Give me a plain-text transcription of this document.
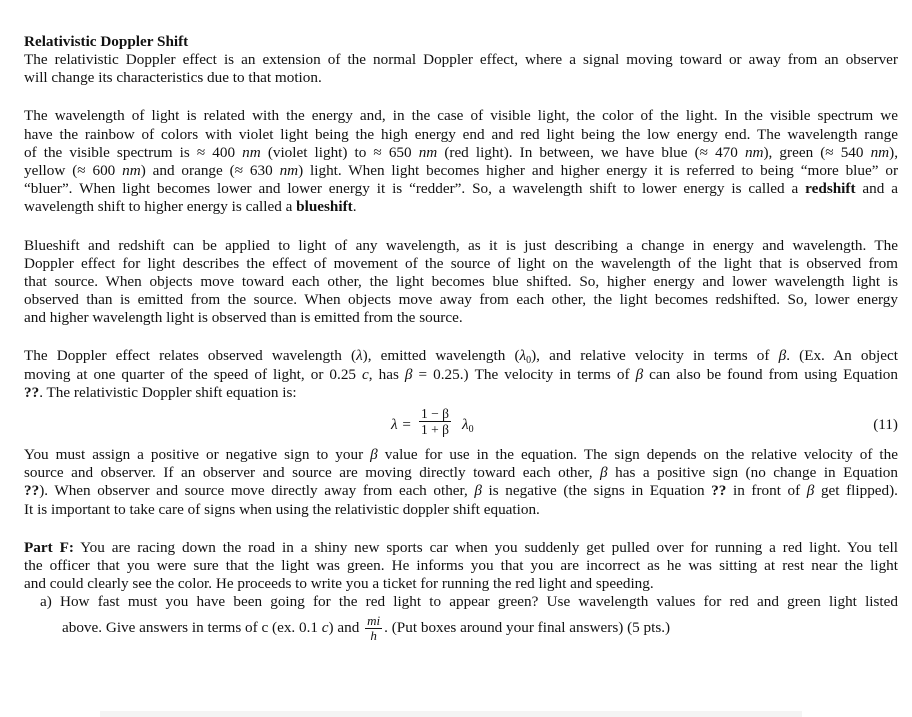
Relativistic Doppler Shift
The relativistic Doppler effect is an extension of the normal Doppler effect, where a signal moving toward or away from an observer
will change its characteristics due to that motion.
The wavelength of light is related with the energy and, in the case of visible light, the color of the light. In the visible spectrum we
have the rainbow of colors with violet light being the high energy end and red light being the low energy end. The wavelength range
of the visible spectrum is ≈ 400 nm (violet light) to ≈ 650 nm (red light). In between, we have blue (≈ 470 nm), green (≈ 540 nm),
yellow (≈ 600 nm) and orange (≈ 630 nm) light. When light becomes higher and higher energy it is referred to being “more blue” or
“bluer”. When light becomes lower and lower energy it is “redder”. So, a wavelength shift to lower energy is called a redshift and a
wavelength shift to higher energy is called a blueshift.
Blueshift and redshift can be applied to light of any wavelength, as it is just describing a change in energy and wavelength. The
Doppler effect for light describes the effect of movement of the source of light on the wavelength of the light that is observed from
that source. When objects move toward each other, the light becomes blue shifted. So, higher energy and lower wavelength light is
observed than is emitted from the source. When objects move away from each other, the light becomes redshifted. So, lower energy
and higher wavelength light is observed than is emitted from the source.
The Doppler effect relates observed wavelength (λ), emitted wavelength $(\lambda_0)$, and relative velocity in terms of β. (Ex. An object
moving at one quarter of the speed of light, or 0.25 c, has β = 0.25.) The velocity in terms of β can also be found from using Equation
??. The relativistic Doppler shift equation is:
$\lambda = \frac{1 - \beta}{1 + \beta} \lambda_0$	(11)
You must assign a positive or negative sign to your β value for use in the equation. The sign depends on the relative velocity of the
source and observer. If an observer and source are moving directly toward each other, β has a positive sign (no change in Equation
??). When observer and source move directly away from each other, β is negative (the signs in Equation ?? in front of β get flipped).
It is important to take care of signs when using the relativistic doppler shift equation.
Part F: You are racing down the road in a shiny new sports car when you suddenly get pulled over for running a red light. You tell
the officer that you were sure that the light was green. He informs you that you are incorrect as he was sitting at rest near the light
and could clearly see the color. He proceeds to write you a ticket for running the red light and speeding.
a) How fast must you have been going for the red light to appear green? Use wavelength values for red and green light listed
above. Give answers in terms of c (ex. 0.1 c) and $\frac{mi}{h}$ . (Put boxes around your final answers) (5 pts.)
